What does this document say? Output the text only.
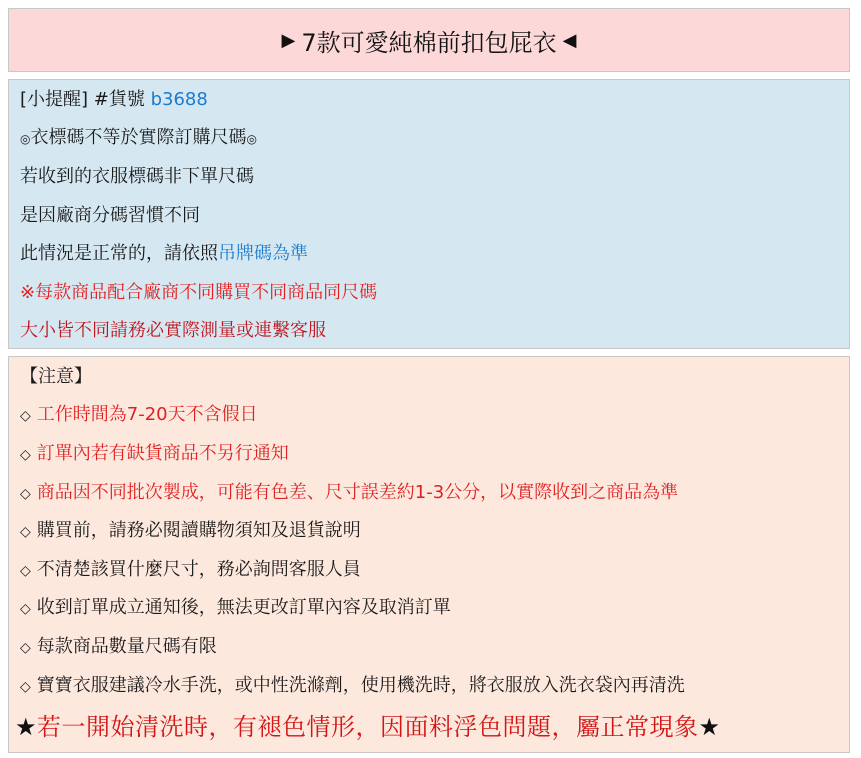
▶ 7款可愛純棉前扣包屁衣 ◀
[小提醒] #貨號 b3688
◎衣標碼不等於實際訂購尺碼◎
若收到的衣服標碼非下單尺碼
是因廠商分碼習慣不同
此情況是正常的，請依照吊牌碼為準
※每款商品配合廠商不同購買不同商品同尺碼
大小皆不同請務必實際測量或連繫客服
【注意】
◇ 工作時間為7-20天不含假日
◇ 訂單內若有缺貨商品不另行通知
◇ 商品因不同批次製成，可能有色差、尺寸誤差約1-3公分，以實際收到之商品為準
◇ 購買前，請務必閱讀購物須知及退貨說明
◇ 不清楚該買什麼尺寸，務必詢問客服人員
◇ 收到訂單成立通知後，無法更改訂單內容及取消訂單
◇ 每款商品數量尺碼有限
◇ 寶寶衣服建議冷水手洗，或中性洗滌劑，使用機洗時，將衣服放入洗衣袋內再清洗
★若一開始清洗時，有褪色情形，因面料浮色問題，屬正常現象★
